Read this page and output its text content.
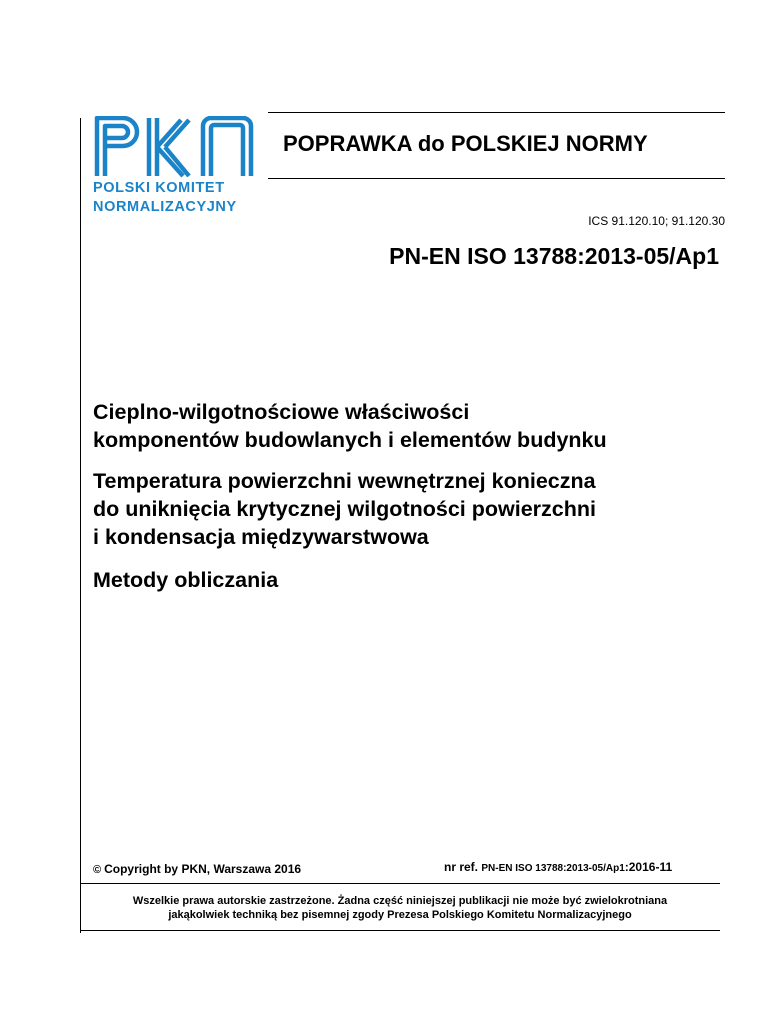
POLSKI KOMITET
NORMALIZACYJNY
POPRAWKA do POLSKIEJ NORMY
ICS 91.120.10; 91.120.30
PN-EN ISO 13788:2013-05/Ap1
Cieplno-wilgotnościowe właściwości
komponentów budowlanych i elementów budynku
Temperatura powierzchni wewnętrznej konieczna
do uniknięcia krytycznej wilgotności powierzchni
i kondensacja międzywarstwowa
Metody obliczania
© Copyright by PKN, Warszawa 2016	nr ref. PN-EN ISO 13788:2013-05/Ap1:2016-11
Wszelkie prawa autorskie zastrzeżone. Żadna część niniejszej publikacji nie może być zwielokrotniana
jakąkolwiek techniką bez pisemnej zgody Prezesa Polskiego Komitetu Normalizacyjnego
